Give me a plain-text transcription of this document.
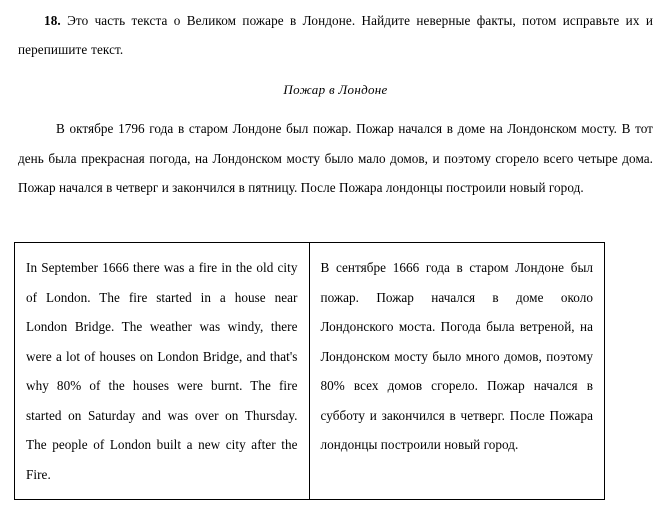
18. Это часть текста о Великом пожаре в Лондоне. Найдите неверные факты, потом исправьте их и перепишите текст.

Пожар в Лондоне

В октябре 1796 года в старом Лондоне был пожар. Пожар начался в доме на Лондонском мосту. В тот день была прекрасная погода, на Лондонском мосту было мало домов, и поэтому сгорело всего четыре дома. Пожар начался в четверг и закончился в пятницу. После Пожара лондонцы построили новый город.

In September 1666 there was a fire in the old city of London. The fire started in a house near London Bridge. The weather was windy, there were a lot of houses on London Bridge, and that's why 80% of the houses were burnt. The fire started on Saturday and was over on Thursday. The people of London built a new city after the Fire.

В сентябре 1666 года в старом Лондоне был пожар. Пожар начался в доме около Лондонского моста. Погода была ветреной, на Лондонском мосту было много домов, поэтому 80% всех домов сгорело. Пожар начался в субботу и закончился в четверг. После Пожара лондонцы построили новый город.
